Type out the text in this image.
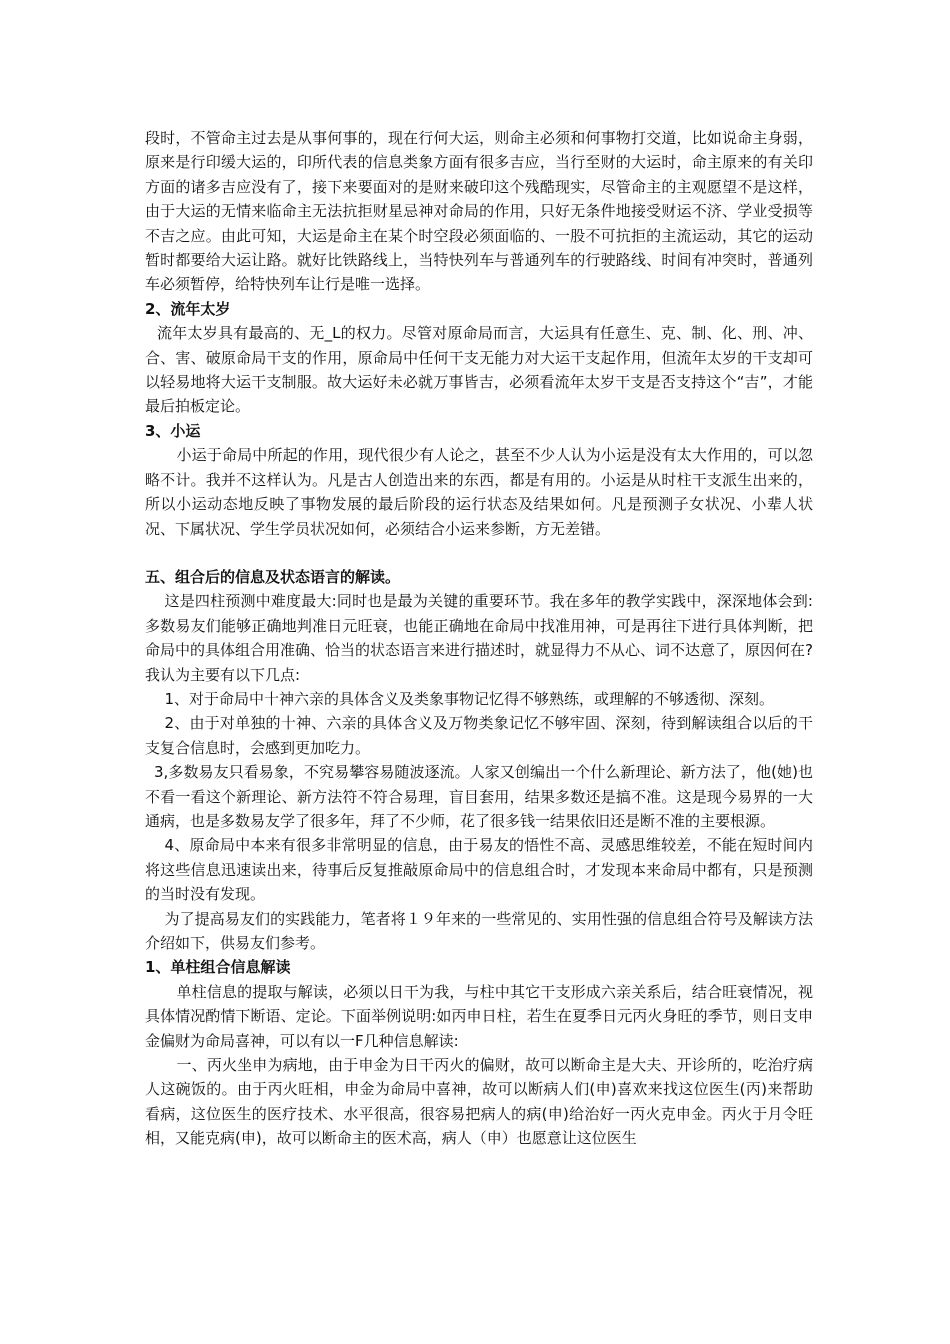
段时，不管命主过去是从事何事的，现在行何大运，则命主必须和何事物打交道，比如说命主身弱，原来是行印缓大运的，印所代表的信息类象方面有很多吉应，当行至财的大运时，命主原来的有关印方面的诸多吉应没有了，接下来要面对的是财来破印这个残酷现实，尽管命主的主观愿望不是这样，由于大运的无情来临命主无法抗拒财星忌神对命局的作用，只好无条件地接受财运不济、学业受损等不吉之应。由此可知，大运是命主在某个时空段必须面临的、一股不可抗拒的主流运动，其它的运动暂时都要给大运让路。就好比铁路线上，当特快列车与普通列车的行驶路线、时间有冲突时，普通列车必须暂停，给特快列车让行是唯一选择。

2、流年太岁

流年太岁具有最高的、无_L的权力。尽管对原命局而言，大运具有任意生、克、制、化、刑、冲、合、害、破原命局干支的作用，原命局中任何干支无能力对大运干支起作用，但流年太岁的干支却可以轻易地将大运干支制服。故大运好未必就万事皆吉，必须看流年太岁干支是否支持这个“吉”，才能最后拍板定论。

3、小运

小运于命局中所起的作用，现代很少有人论之，甚至不少人认为小运是没有太大作用的，可以忽略不计。我并不这样认为。凡是古人创造出来的东西，都是有用的。小运是从时柱干支派生出来的，所以小运动态地反映了事物发展的最后阶段的运行状态及结果如何。凡是预测子女状况、小辈人状况、下属状况、学生学员状况如何，必须结合小运来参断，方无差错。

五、组合后的信息及状态语言的解读。

这是四柱预测中难度最大:同时也是最为关键的重要环节。我在多年的教学实践中，深深地体会到:多数易友们能够正确地判准日元旺衰，也能正确地在命局中找准用神，可是再往下进行具体判断，把命局中的具体组合用准确、恰当的状态语言来进行描述时，就显得力不从心、词不达意了，原因何在?我认为主要有以下几点:

1、对于命局中十神六亲的具体含义及类象事物记忆得不够熟练，或理解的不够透彻、深刻。

2、由于对单独的十神、六亲的具体含义及万物类象记忆不够牢固、深刻，待到解读组合以后的干支复合信息时，会感到更加吃力。

3,多数易友只看易象，不究易攀容易随波逐流。人家又创编出一个什么新理论、新方法了，他(她)也不看一看这个新理论、新方法符不符合易理，盲目套用，结果多数还是搞不准。这是现今易界的一大通病，也是多数易友学了很多年，拜了不少师，花了很多钱一结果依旧还是断不准的主要根源。

4、原命局中本来有很多非常明显的信息，由于易友的悟性不高、灵感思维较差，不能在短时间内将这些信息迅速读出来，待事后反复推敲原命局中的信息组合时，才发现本来命局中都有，只是预测的当时没有发现。

为了提高易友们的实践能力，笔者将１９年来的一些常见的、实用性强的信息组合符号及解读方法介绍如下，供易友们参考。

1、单柱组合信息解读

单柱信息的提取与解读，必须以日干为我，与柱中其它干支形成六亲关系后，结合旺衰情况，视具体情况酌情下断语、定论。下面举例说明:如丙申日柱，若生在夏季日元丙火身旺的季节，则日支申金偏财为命局喜神，可以有以一F几种信息解读:

一、丙火坐申为病地，由于申金为日干丙火的偏财，故可以断命主是大夫、开诊所的，吃治疗病人这碗饭的。由于丙火旺相，申金为命局中喜神，故可以断病人们(申)喜欢来找这位医生(丙)来帮助看病，这位医生的医疗技术、水平很高，很容易把病人的病(申)给治好一丙火克申金。丙火于月令旺相，又能克病(申)，故可以断命主的医术高，病人（申）也愿意让这位医生
